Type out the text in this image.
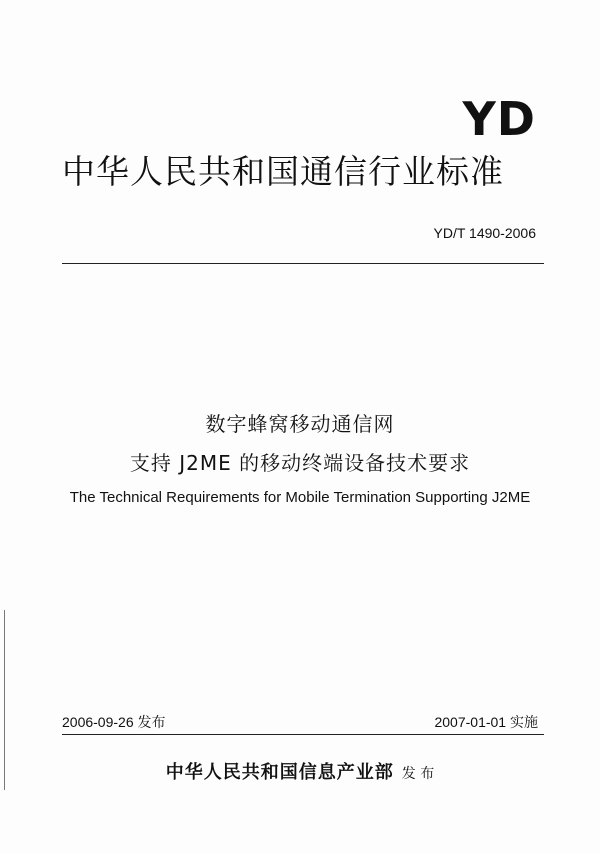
YD
中华人民共和国通信行业标准
YD/T 1490-2006
数字蜂窝移动通信网
支持 J2ME 的移动终端设备技术要求
The Technical Requirements for Mobile Termination Supporting J2ME
2006-09-26 发布	2007-01-01 实施
中华人民共和国信息产业部 发 布
